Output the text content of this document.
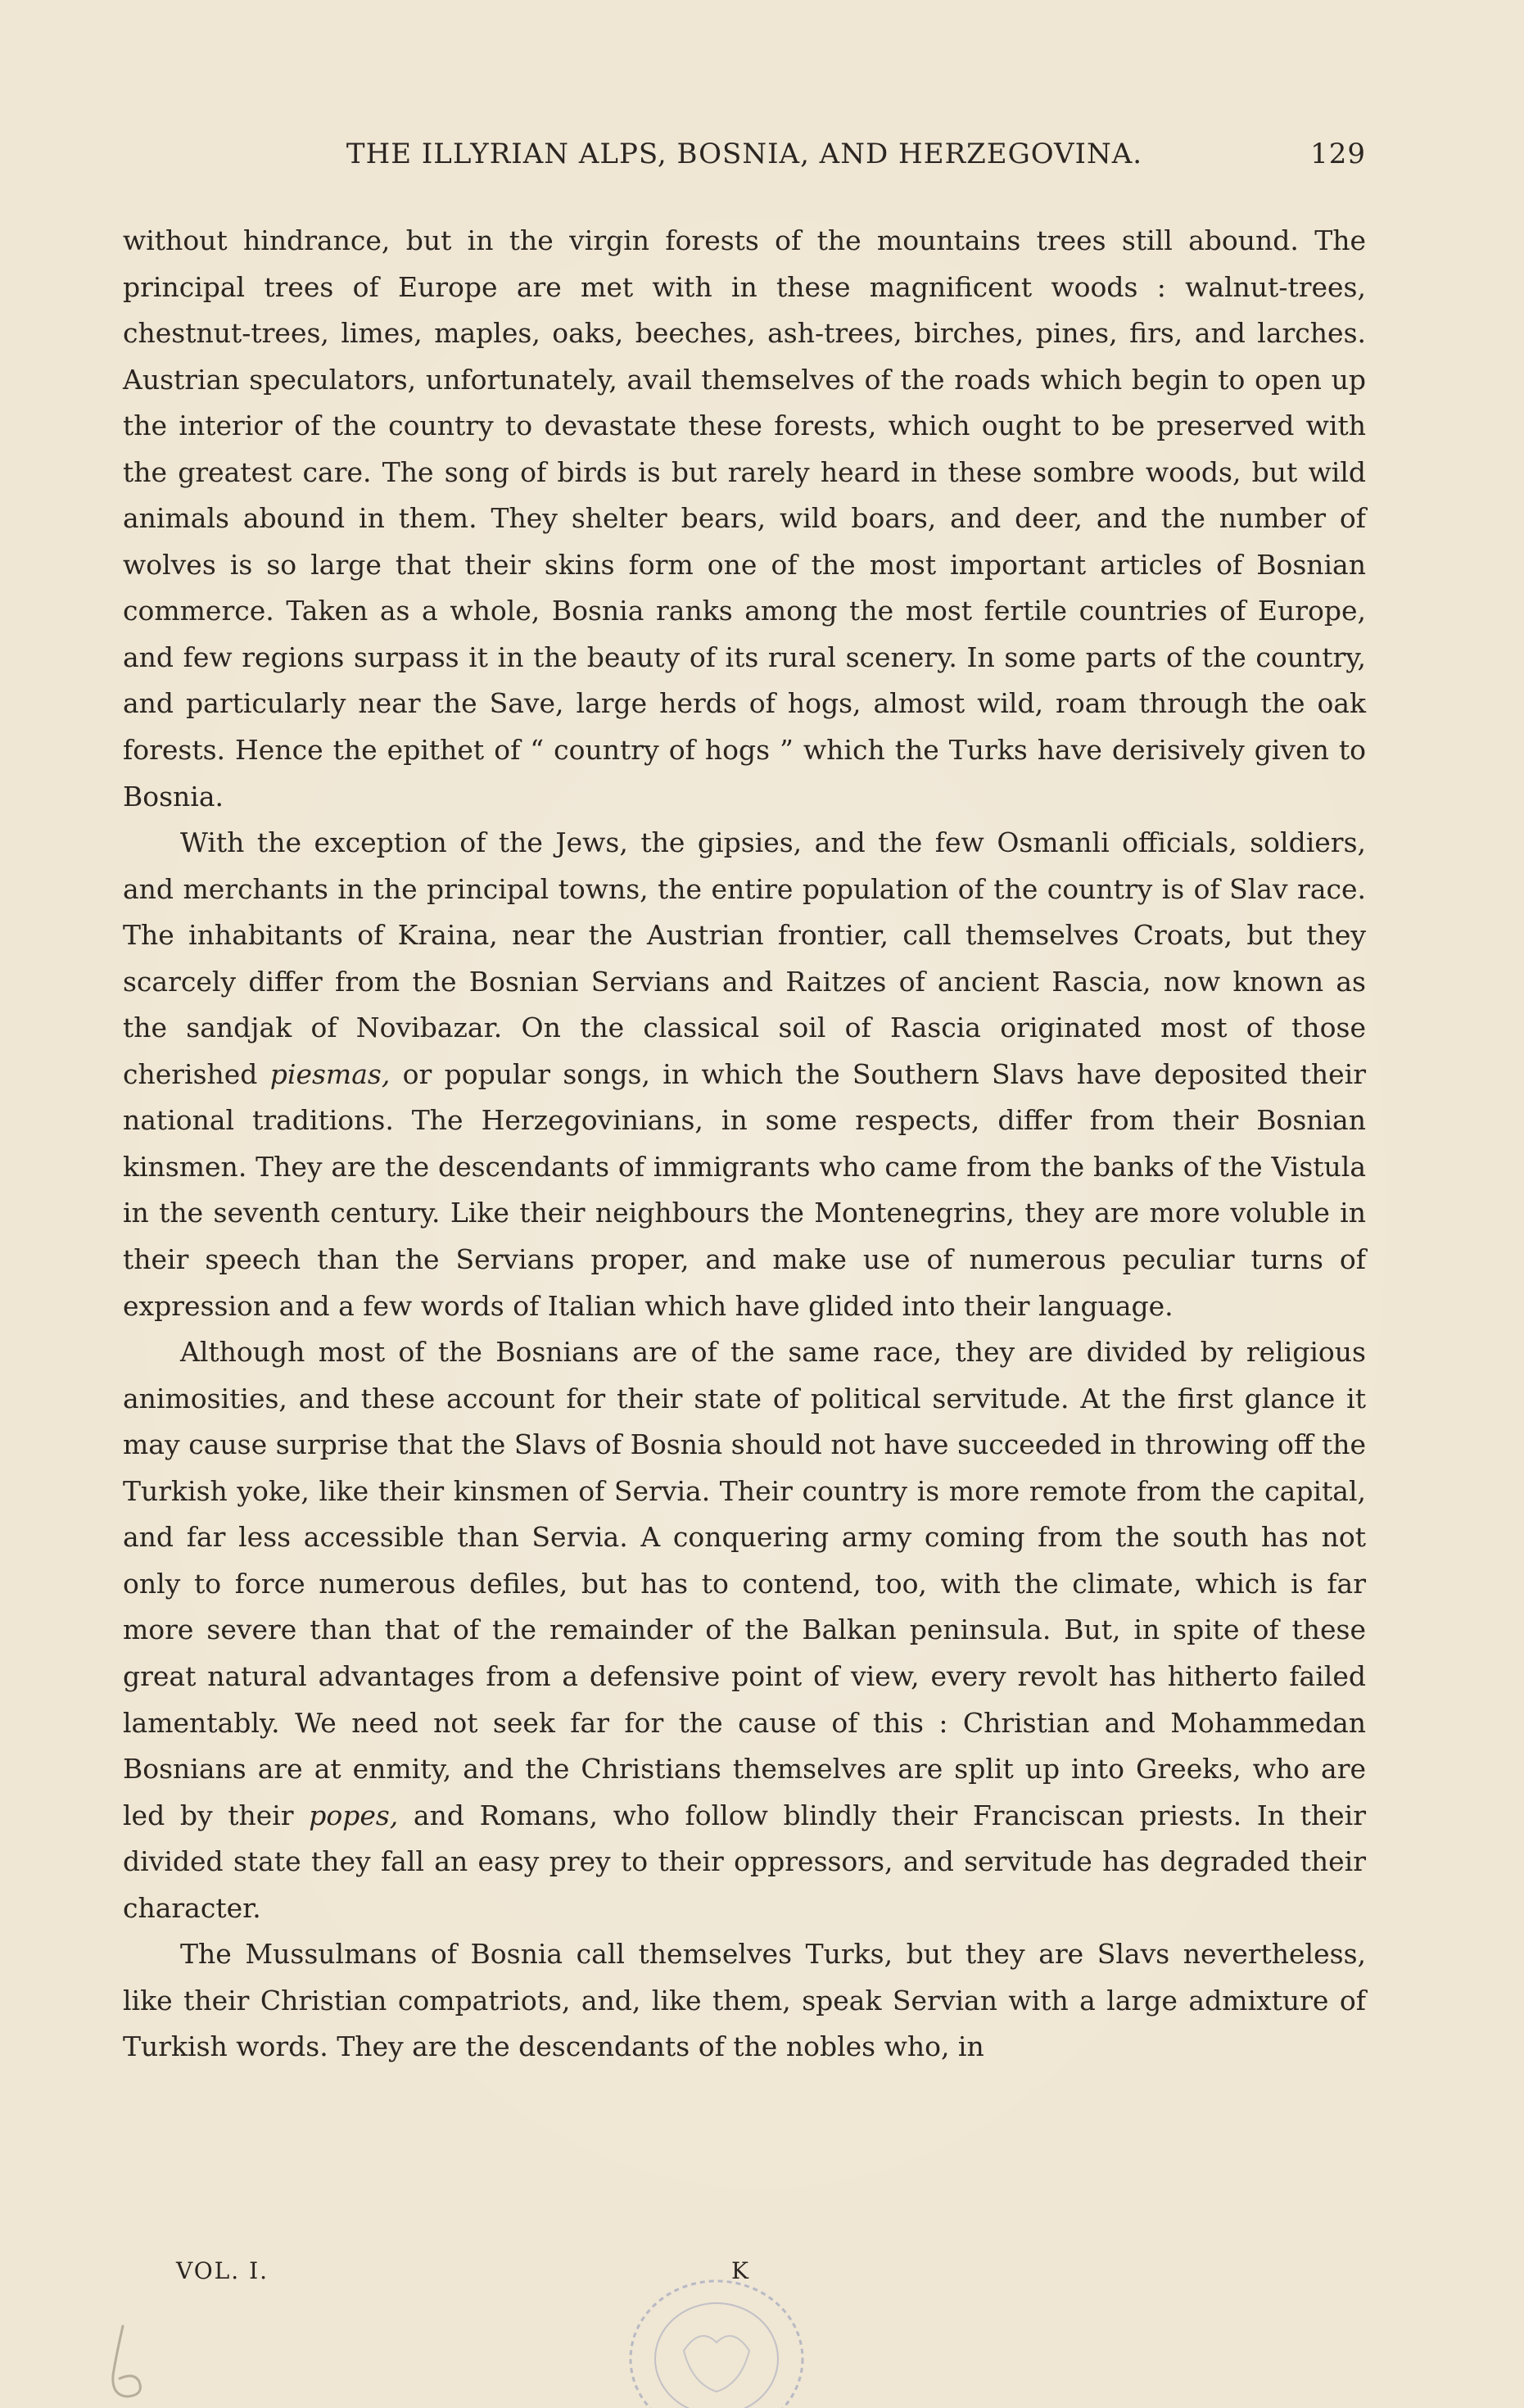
THE ILLYRIAN ALPS, BOSNIA, AND HERZEGOVINA.	129

without hindrance, but in the virgin forests of the mountains trees still abound. The principal trees of Europe are met with in these magnificent woods : walnut-trees, chestnut-trees, limes, maples, oaks, beeches, ash-trees, birches, pines, firs, and larches. Austrian speculators, unfortunately, avail themselves of the roads which begin to open up the interior of the country to devastate these forests, which ought to be preserved with the greatest care. The song of birds is but rarely heard in these sombre woods, but wild animals abound in them. They shelter bears, wild boars, and deer, and the number of wolves is so large that their skins form one of the most important articles of Bosnian commerce. Taken as a whole, Bosnia ranks among the most fertile countries of Europe, and few regions surpass it in the beauty of its rural scenery. In some parts of the country, and particularly near the Save, large herds of hogs, almost wild, roam through the oak forests. Hence the epithet of “ country of hogs ” which the Turks have derisively given to Bosnia.

With the exception of the Jews, the gipsies, and the few Osmanli officials, soldiers, and merchants in the principal towns, the entire population of the country is of Slav race. The inhabitants of Kraina, near the Austrian frontier, call themselves Croats, but they scarcely differ from the Bosnian Servians and Raitzes of ancient Rascia, now known as the sandjak of Novibazar. On the classical soil of Rascia originated most of those cherished piesmas, or popular songs, in which the Southern Slavs have deposited their national traditions. The Herzegovinians, in some respects, differ from their Bosnian kinsmen. They are the descendants of immigrants who came from the banks of the Vistula in the seventh century. Like their neighbours the Montenegrins, they are more voluble in their speech than the Servians proper, and make use of numerous peculiar turns of expression and a few words of Italian which have glided into their language.

Although most of the Bosnians are of the same race, they are divided by religious animosities, and these account for their state of political servitude. At the first glance it may cause surprise that the Slavs of Bosnia should not have succeeded in throwing off the Turkish yoke, like their kinsmen of Servia. Their country is more remote from the capital, and far less accessible than Servia. A conquering army coming from the south has not only to force numerous defiles, but has to contend, too, with the climate, which is far more severe than that of the remainder of the Balkan peninsula. But, in spite of these great natural advantages from a defensive point of view, every revolt has hitherto failed lamentably. We need not seek far for the cause of this : Christian and Mohammedan Bosnians are at enmity, and the Christians themselves are split up into Greeks, who are led by their popes, and Romans, who follow blindly their Franciscan priests. In their divided state they fall an easy prey to their oppressors, and servitude has degraded their character.

The Mussulmans of Bosnia call themselves Turks, but they are Slavs nevertheless, like their Christian compatriots, and, like them, speak Servian with a large admixture of Turkish words. They are the descendants of the nobles who, in

VOL. I.	K
